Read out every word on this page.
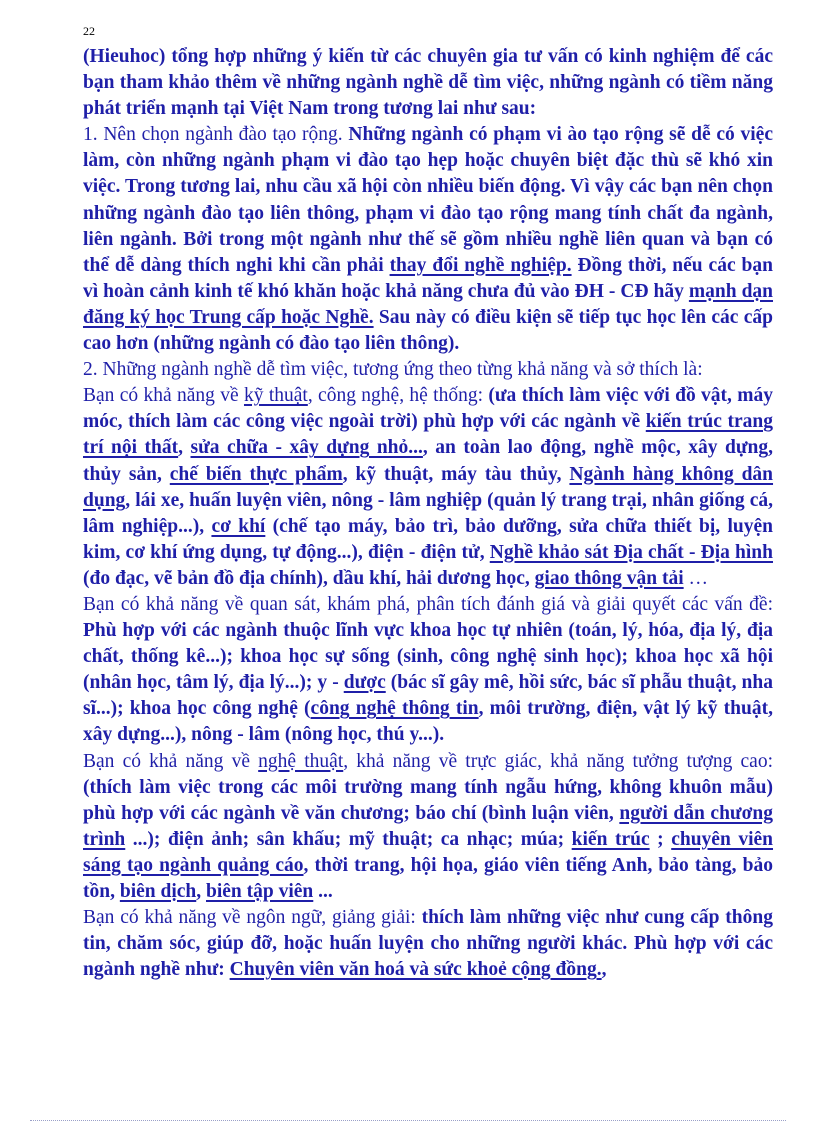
22

(Hieuhoc) tổng hợp những ý kiến từ các chuyên gia tư vấn có kinh nghiệm để các bạn tham khảo thêm về những ngành nghề dễ tìm việc, những ngành có tiềm năng phát triển mạnh tại Việt Nam trong tương lai như sau:

1. Nên chọn ngành đào tạo rộng. Những ngành có phạm vi ào tạo rộng sẽ dễ có việc làm, còn những ngành phạm vi đào tạo hẹp hoặc chuyên biệt đặc thù sẽ khó xin việc. Trong tương lai, nhu cầu xã hội còn nhiều biến động. Vì vậy các bạn nên chọn những ngành đào tạo liên thông, phạm vi đào tạo rộng mang tính chất đa ngành, liên ngành. Bởi trong một ngành như thế sẽ gồm nhiều nghề liên quan và bạn có thể dễ dàng thích nghi khi cần phải thay đổi nghề nghiệp. Đồng thời, nếu các bạn vì hoàn cảnh kinh tế khó khăn hoặc khả năng chưa đủ vào ĐH - CĐ hãy mạnh dạn đăng ký học Trung cấp hoặc Nghề. Sau này có điều kiện sẽ tiếp tục học lên các cấp cao hơn (những ngành có đào tạo liên thông).

2. Những ngành nghề dễ tìm việc, tương ứng theo từng khả năng và sở thích là:

Bạn có khả năng về kỹ thuật, công nghệ, hệ thống: (ưa thích làm việc với đồ vật, máy móc, thích làm các công việc ngoài trời) phù hợp với các ngành về kiến trúc trang trí nội thất, sửa chữa - xây dựng nhỏ..., an toàn lao động, nghề mộc, xây dựng, thủy sản, chế biến thực phẩm, kỹ thuật, máy tàu thủy, Ngành hàng không dân dụng, lái xe, huấn luyện viên, nông - lâm nghiệp (quản lý trang trại, nhân giống cá, lâm nghiệp...), cơ khí (chế tạo máy, bảo trì, bảo dưỡng, sửa chữa thiết bị, luyện kim, cơ khí ứng dụng, tự động...), điện - điện tử, Nghề khảo sát Địa chất - Địa hình (đo đạc, vẽ bản đồ địa chính), dầu khí, hải dương học, giao thông vận tải …

Bạn có khả năng về quan sát, khám phá, phân tích đánh giá và giải quyết các vấn đề: Phù hợp với các ngành thuộc lĩnh vực khoa học tự nhiên (toán, lý, hóa, địa lý, địa chất, thống kê...); khoa học sự sống (sinh, công nghệ sinh học); khoa học xã hội (nhân học, tâm lý, địa lý...); y - dược (bác sĩ gây mê, hồi sức, bác sĩ phẫu thuật, nha sĩ...); khoa học công nghệ (công nghệ thông tin, môi trường, điện, vật lý kỹ thuật, xây dựng...), nông - lâm (nông học, thú y...).

Bạn có khả năng về nghệ thuật, khả năng về trực giác, khả năng tưởng tượng cao: (thích làm việc trong các môi trường mang tính ngẫu hứng, không khuôn mẫu) phù hợp với các ngành về văn chương; báo chí (bình luận viên, người dẫn chương trình ...); điện ảnh; sân khấu; mỹ thuật; ca nhạc; múa; kiến trúc ; chuyên viên sáng tạo ngành quảng cáo, thời trang, hội họa, giáo viên tiếng Anh, bảo tàng, bảo tồn, biên dịch, biên tập viên ...

Bạn có khả năng về ngôn ngữ, giảng giải: thích làm những việc như cung cấp thông tin, chăm sóc, giúp đỡ, hoặc huấn luyện cho những người khác. Phù hợp với các ngành nghề như: Chuyên viên văn hoá và sức khoẻ cộng đồng.,
